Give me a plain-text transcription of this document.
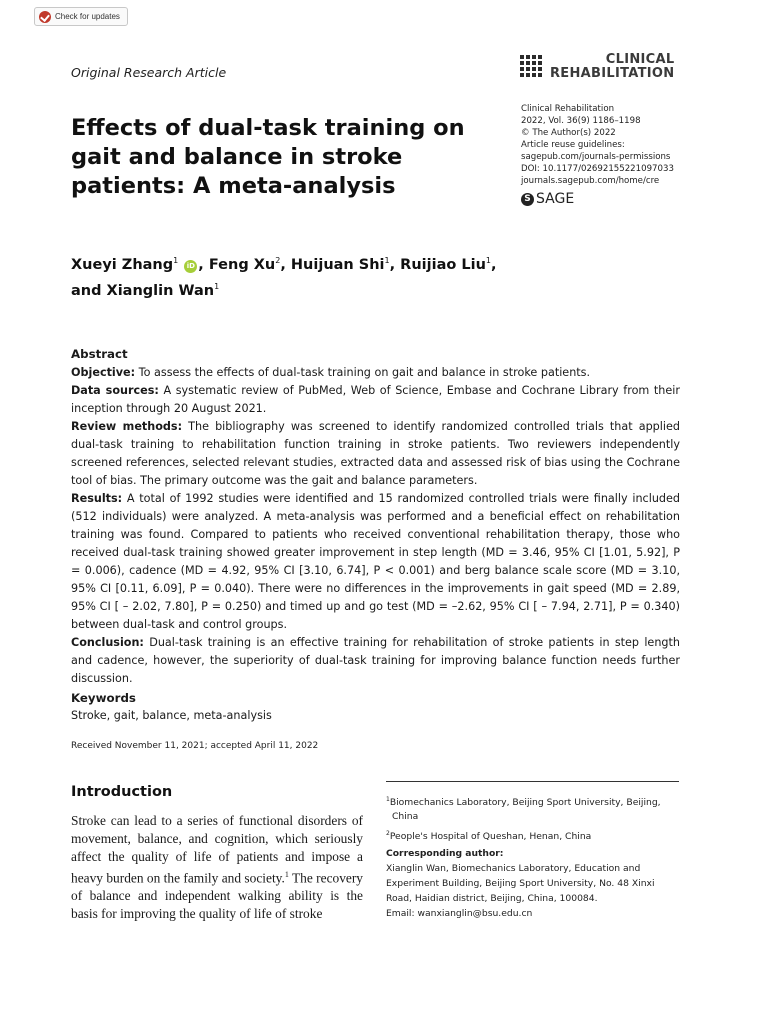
Check for updates
Original Research Article
CLINICAL
REHABILITATION
Clinical Rehabilitation
2022, Vol. 36(9) 1186–1198
© The Author(s) 2022
Article reuse guidelines:
sagepub.com/journals-permissions
DOI: 10.1177/02692155221097033
journals.sagepub.com/home/cre
S SAGE
Effects of dual-task training on gait and balance in stroke patients: A meta-analysis
Xueyi Zhang$^1$ iD , Feng Xu$^2$, Huijuan Shi$^1$, Ruijiao Liu$^1$,
and Xianglin Wan$^1$

Abstract

Objective: To assess the effects of dual-task training on gait and balance in stroke patients.

Data sources: A systematic review of PubMed, Web of Science, Embase and Cochrane Library from their inception through 20 August 2021.

Review methods: The bibliography was screened to identify randomized controlled trials that applied dual-task training to rehabilitation function training in stroke patients. Two reviewers independently screened references, selected relevant studies, extracted data and assessed risk of bias using the Cochrane tool of bias. The primary outcome was the gait and balance parameters.

Results: A total of 1992 studies were identified and 15 randomized controlled trials were finally included (512 individuals) were analyzed. A meta-analysis was performed and a beneficial effect on rehabilitation training was found. Compared to patients who received conventional rehabilitation therapy, those who received dual-task training showed greater improvement in step length (MD = 3.46, 95% CI [1.01, 5.92], P = 0.006), cadence (MD = 4.92, 95% CI [3.10, 6.74], P < 0.001) and berg balance scale score (MD = 3.10, 95% CI [0.11, 6.09], P = 0.040). There were no differences in the improvements in gait speed (MD = 2.89, 95% CI [ – 2.02, 7.80], P = 0.250) and timed up and go test (MD = –2.62, 95% CI [ – 7.94, 2.71], P = 0.340) between dual-task and control groups.

Conclusion: Dual-task training is an effective training for rehabilitation of stroke patients in step length and cadence, however, the superiority of dual-task training for improving balance function needs further discussion.

Keywords
Stroke, gait, balance, meta-analysis
Received November 11, 2021; accepted April 11, 2022
Introduction
Stroke can lead to a series of functional disorders of movement, balance, and cognition, which seriously affect the quality of life of patients and impose a heavy burden on the family and society.$^1$ The recovery of balance and independent walking ability is the basis for improving the quality of life of stroke
$^1$Biomechanics Laboratory, Beijing Sport University, Beijing,
China
$^2$People's Hospital of Queshan, Henan, China
Corresponding author:
Xianglin Wan, Biomechanics Laboratory, Education and Experiment Building, Beijing Sport University, No. 48 Xinxi Road, Haidian district, Beijing, China, 100084.
Email: wanxianglin@bsu.edu.cn
